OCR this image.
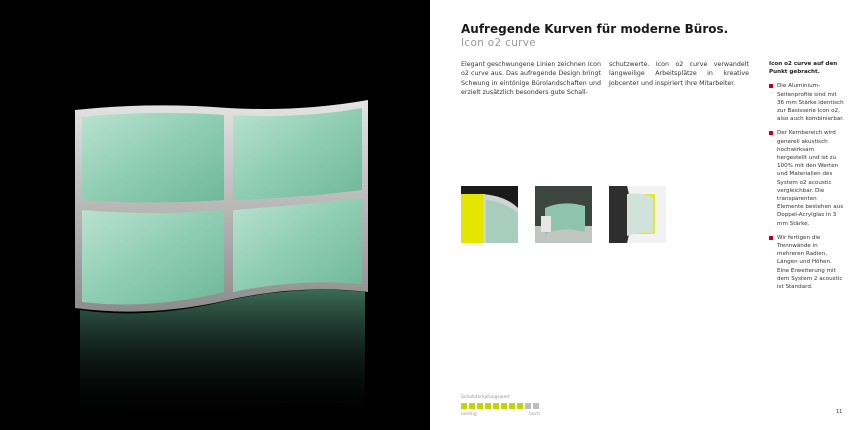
Aufregende Kurven für moderne Büros.
Icon o2 curve
Elegant geschwungene Linien zeichnen Icon o2 curve aus. Das aufregende Design bringt Schwung in eintönige Bürolandschaften und erzielt zusätzlich besonders gute Schall-
schutzwerte. Icon o2 curve verwandelt langweilige Arbeitsplätze in kreative Jobcenter und inspiriert Ihre Mitarbeiter.
Icon o2 curve auf den Punkt gebracht.
Die Aluminium-Seitenprofile sind mit 36 mm Stärke identisch zur Basisserie Icon o2, also auch kombinierbar.
Der Kernbereich wird generell akustisch hochwirksam hergestellt und ist zu 100% mit den Werten und Materialien des System o2 acoustic vergleichbar. Die transparenten Elemente bestehen aus Doppel-Acrylglas in 3 mm Stärke.
Wir fertigen die Trennwände in mehreren Radien, Längen und Höhen. Eine Erweiterung mit dem System 2 acoustic ist Standard.
Schalldämpfungswert
niedrig	hoch	11
